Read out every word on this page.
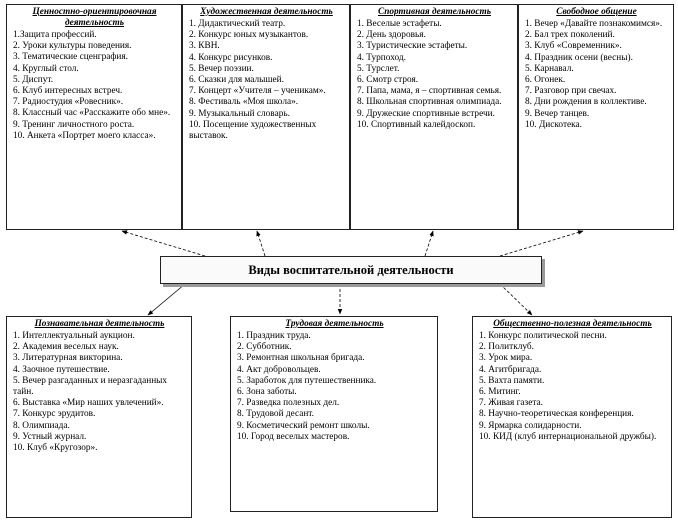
Ценностно-ориентировочная деятельность
1.Защита профессий.
2. Уроки культуры поведения.
3. Тематические сценграфия.
4. Круглый стол.
5. Диспут.
6. Клуб интересных встреч.
7. Радиостудия «Ровесник».
8. Классный час «Расскажите обо мне».
9. Тренинг личностного роста.
10. Анкета «Портрет моего класса».
Художественная деятельность
1. Дидактический театр.
2. Конкурс юных музыкантов.
3. КВН.
4. Конкурс рисунков.
5. Вечер поэзии.
6. Сказки для малышей.
7. Концерт «Учителя – ученикам».
8. Фестиваль «Моя школа».
9. Музыкальный словарь.
10. Посещение художественных выставок.
Спортивная деятельность
1. Веселые эстафеты.
2. День здоровья.
3. Туристические эстафеты.
4. Турпоход.
5. Турслет.
6. Смотр строя.
7. Папа, мама, я – спортивная семья.
8. Школьная спортивная олимпиада.
9. Дружеские спортивные встречи.
10. Спортивный калейдоскоп.
Свободное общение
1. Вечер «Давайте познакомимся».
2. Бал трех поколений.
3. Клуб «Современник».
4. Праздник осени (весны).
5. Карнавал.
6. Огонек.
7. Разговор при свечах.
8. Дни рождения в коллективе.
9. Вечер танцев.
10. Дискотека.
Виды воспитательной деятельности
Познавательная деятельность
1. Интеллектуальный аукцион.
2. Академия веселых наук.
3. Литературная викторина.
4. Заочное путешествие.
5. Вечер разгаданных и неразгаданных тайн.
6. Выставка «Мир наших увлечений».
7. Конкурс эрудитов.
8. Олимпиада.
9. Устный журнал.
10. Клуб «Кругозор».
Трудовая деятельность
1. Праздник труда.
2. Субботник.
3. Ремонтная школьная бригада.
4. Акт добровольцев.
5. Заработок для путешественника.
6. Зона заботы.
7. Разведка полезных дел.
8. Трудовой десант.
9. Косметический ремонт школы.
10. Город веселых мастеров.
Общественно-полезная деятельность
1. Конкурс политической песни.
2. Политклуб.
3. Урок мира.
4. Агитбригада.
5. Вахта памяти.
6. Митинг.
7. Живая газета.
8. Научно-теоретическая конференция.
9. Ярмарка солидарности.
10. КИД (клуб интернациональной дружбы).
